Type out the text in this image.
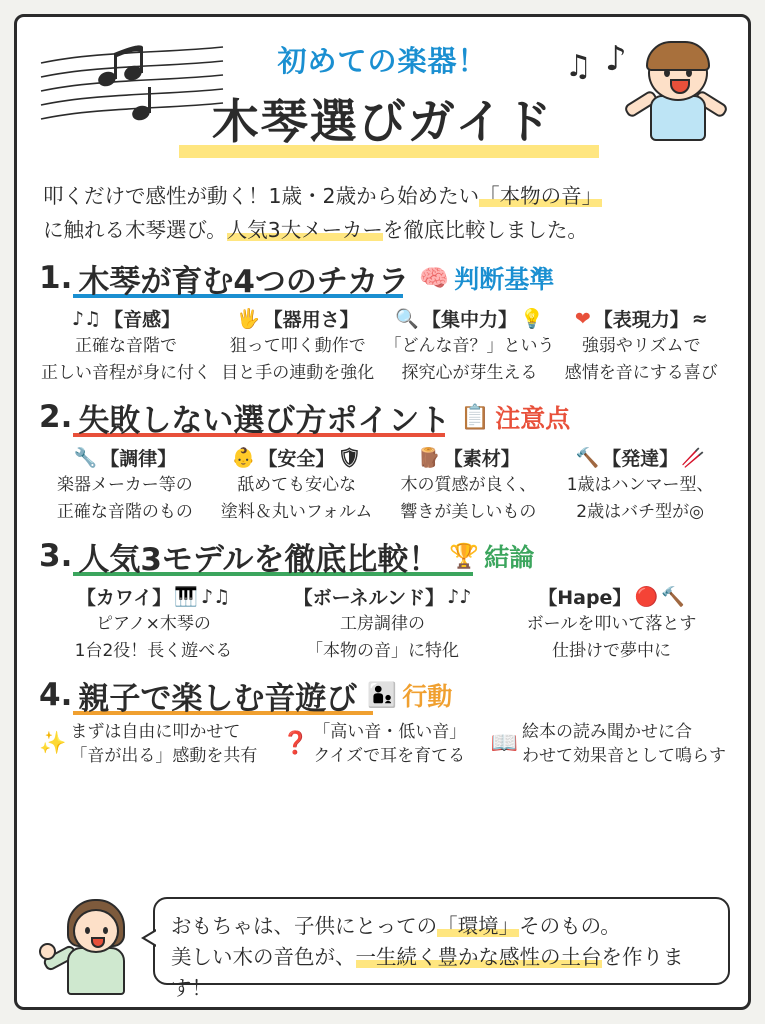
♫ ♪
初めての楽器！
木琴選びガイド
叩くだけで感性が動く！1歳・2歳から始めたい「本物の音」
に触れる木琴選び。人気3大メーカーを徹底比較しました。
1. 木琴が育む4つのチカラ 🧠 判断基準
♪♫ 【音感】
正確な音階で
正しい音程が身に付く
🖐 【器用さ】
狙って叩く動作で
目と手の連動を強化
🔍 【集中力】 💡
「どんな音？」という
探究心が芽生える
❤ 【表現力】 ≈
強弱やリズムで
感情を音にする喜び
2. 失敗しない選び方ポイント 📋 注意点
🔧 【調律】
楽器メーカー等の
正確な音階のもの
👶 【安全】 🛡
舐めても安心な
塗料＆丸いフォルム
🪵 【素材】
木の質感が良く、
響きが美しいもの
🔨 【発達】 🥢
1歳はハンマー型、
2歳はバチ型が◎
3. 人気3モデルを徹底比較！ 🏆 結論
【カワイ】 🎹 ♪♫
ピアノ×木琴の
1台2役！長く遊べる
【ボーネルンド】 ♪♪
工房調律の
「本物の音」に特化
【Hape】 🔴 🔨
ボールを叩いて落とす
仕掛けで夢中に
4. 親子で楽しむ音遊び 👨‍👦 行動
✨ まずは自由に叩かせて
「音が出る」感動を共有 ❓ 「高い音・低い音」
クイズで耳を育てる 📖 絵本の読み聞かせに合
わせて効果音として鳴らす
おもちゃは、子供にとっての「環境」そのもの。
美しい木の音色が、一生続く豊かな感性の土台を作ります！
